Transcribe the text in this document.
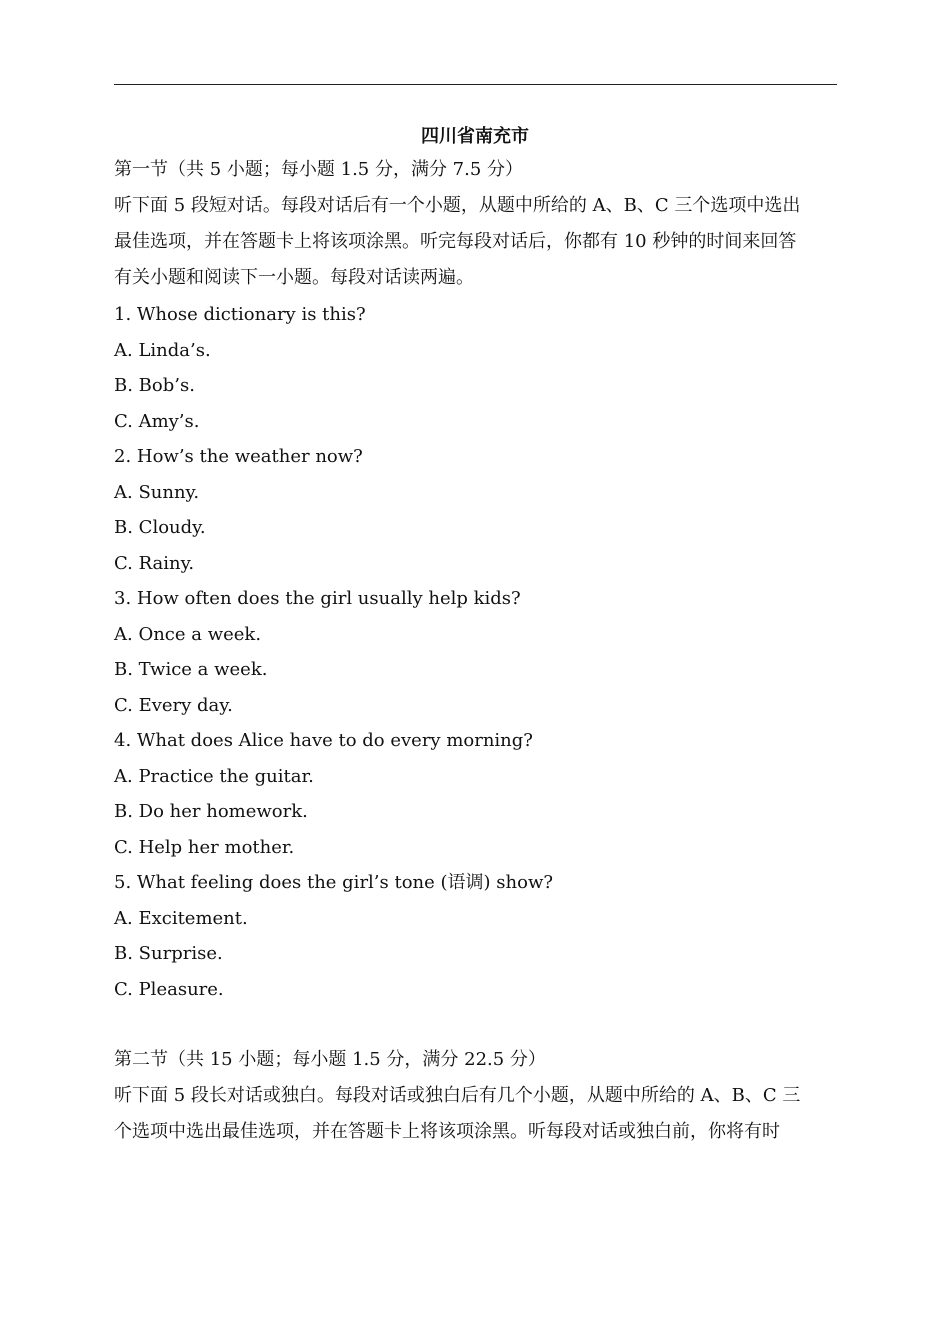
四川省南充市
第一节（共 5 小题；每小题 1.5 分，满分 7.5 分）
听下面 5 段短对话。每段对话后有一个小题，从题中所给的 A、B、C 三个选项中选出
最佳选项，并在答题卡上将该项涂黑。听完每段对话后，你都有 10 秒钟的时间来回答
有关小题和阅读下一小题。每段对话读两遍。
1. Whose dictionary is this?
A. Linda’s.
B. Bob’s.
C. Amy’s.
2. How’s the weather now?
A. Sunny.
B. Cloudy.
C. Rainy.
3. How often does the girl usually help kids?
A. Once a week.
B. Twice a week.
C. Every day.
4. What does Alice have to do every morning?
A. Practice the guitar.
B. Do her homework.
C. Help her mother.
5. What feeling does the girl’s tone (语调) show?
A. Excitement.
B. Surprise.
C. Pleasure.
第二节（共 15 小题；每小题 1.5 分，满分 22.5 分）
听下面 5 段长对话或独白。每段对话或独白后有几个小题，从题中所给的 A、B、C 三
个选项中选出最佳选项，并在答题卡上将该项涂黑。听每段对话或独白前，你将有时
